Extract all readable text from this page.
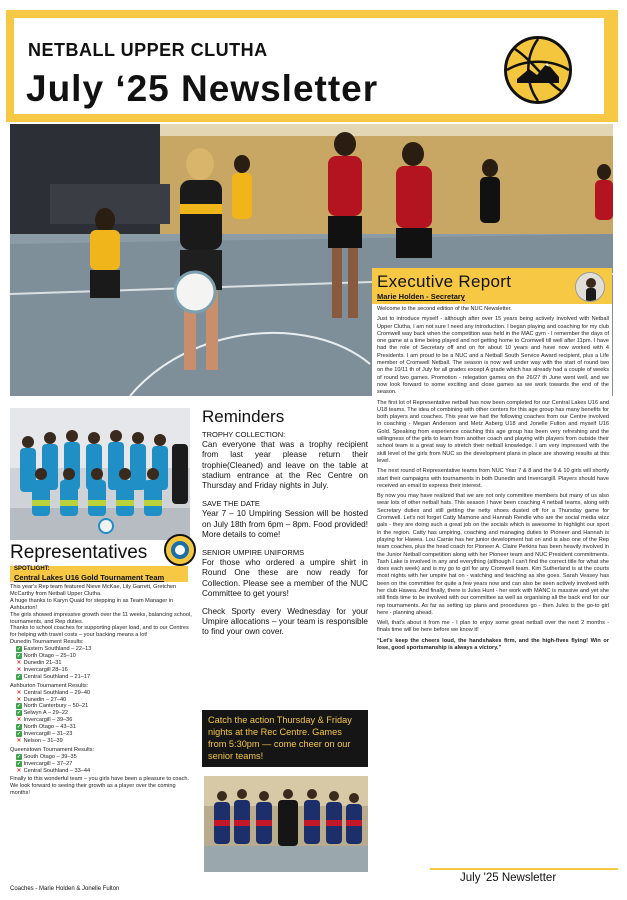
NETBALL UPPER CLUTHA
July ‘25 Newsletter
Executive Report
Marie Holden - Secretary

Welcome to the second edition of the NUC Newsletter.

Just to introduce myself - although after over 15 years being actively involved with Netball Upper Clutha, I am not sure I need any introduction. I began playing and coaching for my club Cromwell way back when the competition was held in the MAC gym - I remember the days of one game at a time being played and not getting home to Cromwell till well after 11pm. I have had the role of Secretary off and on for about 10 years and have now worked with 4 Presidents. I am proud to be a NUC and a Netball South Service Award recipient, plus a Life member of Cromwell Netball. The season is now well under way with the start of round two on the 10/11 th of July for all grades except A grade which has already had a couple of weeks of round two games. Promotion - relegation games on the 26/27 th June went well, and we now look forward to some exciting and close games as we work towards the end of the season.

The first lot of Representative netball has now been completed for our Central Lakes U16 and U18 teams. The idea of combining with other centers for this age group has many benefits for both players and coaches. This year we had the following coaches from our Centre involved in coaching - Megan Anderson and Metz Asberg U18 and Jonelle Fulton and myself U16 Gold. Speaking from experience coaching this age group has been very refreshing and the willingness of the girls to learn from another coach and playing with players from outside their school team is a great way to stretch their netball knowledge. I am very impressed with the skill level of the girls from NUC so the development plans in place are showing results at this level.

The next round of Representative teams from NUC Year 7 & 8 and the 9 & 10 girls will shortly start their campaigns with tournaments in both Dunedin and Invercargill. Players should have received an email to express their interest.

By now you may have realized that we are not only committee members but many of us also wear lots of other netball hats. This season I have been coaching 4 netball teams, along with Secretary duties and still getting the netty shoes dusted off for a Thursday game for Cromwell. Let's not forget Catty Mamone and Hannah Rendle who are the social media wizz gals - they are doing such a great job on the socials which is awesome to highlight our sport in the region. Catty has umpiring, coaching and managing duties to Pioneer and Hannah is playing for Hawea. Lou Carnie has her junior development hat on and is also one of the Rep team coaches, plus the head coach for Pioneer A. Claire Perkins has been heavily involved in the Junior Netball competition along with her Pioneer team and NUC President commitments. Tash Lake is involved in any and everything (although I can't find the correct title for what she does each week) and is my go to girl for any Cromwell team. Kim Sutherland is at the courts most nights with her umpire hat on - watching and teaching as she goes. Sarah Veasey has been on the committee for quite a few years now and can also be seen actively involved with her club Hawea. And finally, there is Jules Hunt - her work with MANC is massive and yet she still finds time to be involved with our committee as well as organising all the back end for our rep tournaments. As far as setting up plans and procedures go - then Jules is the go-to girl here - planning ahead.

Well, that's about it from me - I plan to enjoy some great netball over the next 2 months - finals time will be here before we know it!

“Let's keep the cheers loud, the handshakes firm, and the high-fives flying! Win or lose, good sportsmanship is always a victory.”

Representatives
SPOTLIGHT:
Central Lakes U16 Gold Tournament Team

This year's Rep team featured Nieve McKae, Lily Garrett, Gretchen McCarthy from Netball Upper Clutha.

A huge thanks to Karyn Quaid for stepping in as Team Manager in Ashburton!

The girls showed impressive growth over the 11 weeks, balancing school, tournaments, and Rep duties.

Thanks to school coaches for supporting player load, and to our Centres for helping with travel costs – your backing means a lot!

Dunedin Tournament Results:

✓ Eastern Southland – 22–13
✓ North Otago – 25–10
✕ Dunedin 21–31
✕ Invercargill 28–16
✓ Central Southland – 21–17

Ashburton Tournament Results:

✕ Central Southland – 29–40
✕ Dunedin – 27–40
✓ North Canterbury – 50–21
✓ Selwyn A – 29–22
✕ Invercargill – 39–36
✓ North Otago – 43–31
✓ Invercargill – 31–23
✕ Nelson – 31–39

Queenstown Tournament Results:

✓ South Otago – 39–35
✓ Invercargill – 37–27
✕ Central Southland – 33–44

Finally to this wonderful team – you girls have been a pleasure to coach. We look forward to seeing their growth as a player over the coming months!

Coaches - Marie Holden & Jonelle Fulton
Reminders

TROPHY COLLECTION:
Can everyone that was a trophy recipient from last year please return their trophie(Cleaned) and leave on the table at stadium entrance at the Rec Centre on Thursday and Friday nights in July.

SAVE THE DATE
Year 7 – 10 Umpiring Session will be hosted on July 18th from 6pm – 8pm. Food provided! More details to come!

SENIOR UMPIRE UNIFORMS
For those who ordered a umpire shirt in Round One these are now ready for Collection. Please see a member of the NUC Committee to get yours!

Check Sporty every Wednesday for your Umpire allocations – your team is responsible to find your own cover.

Catch the action Thursday & Friday nights at the Rec Centre. Games from 5:30pm — come cheer on our senior teams!
July '25 Newsletter
